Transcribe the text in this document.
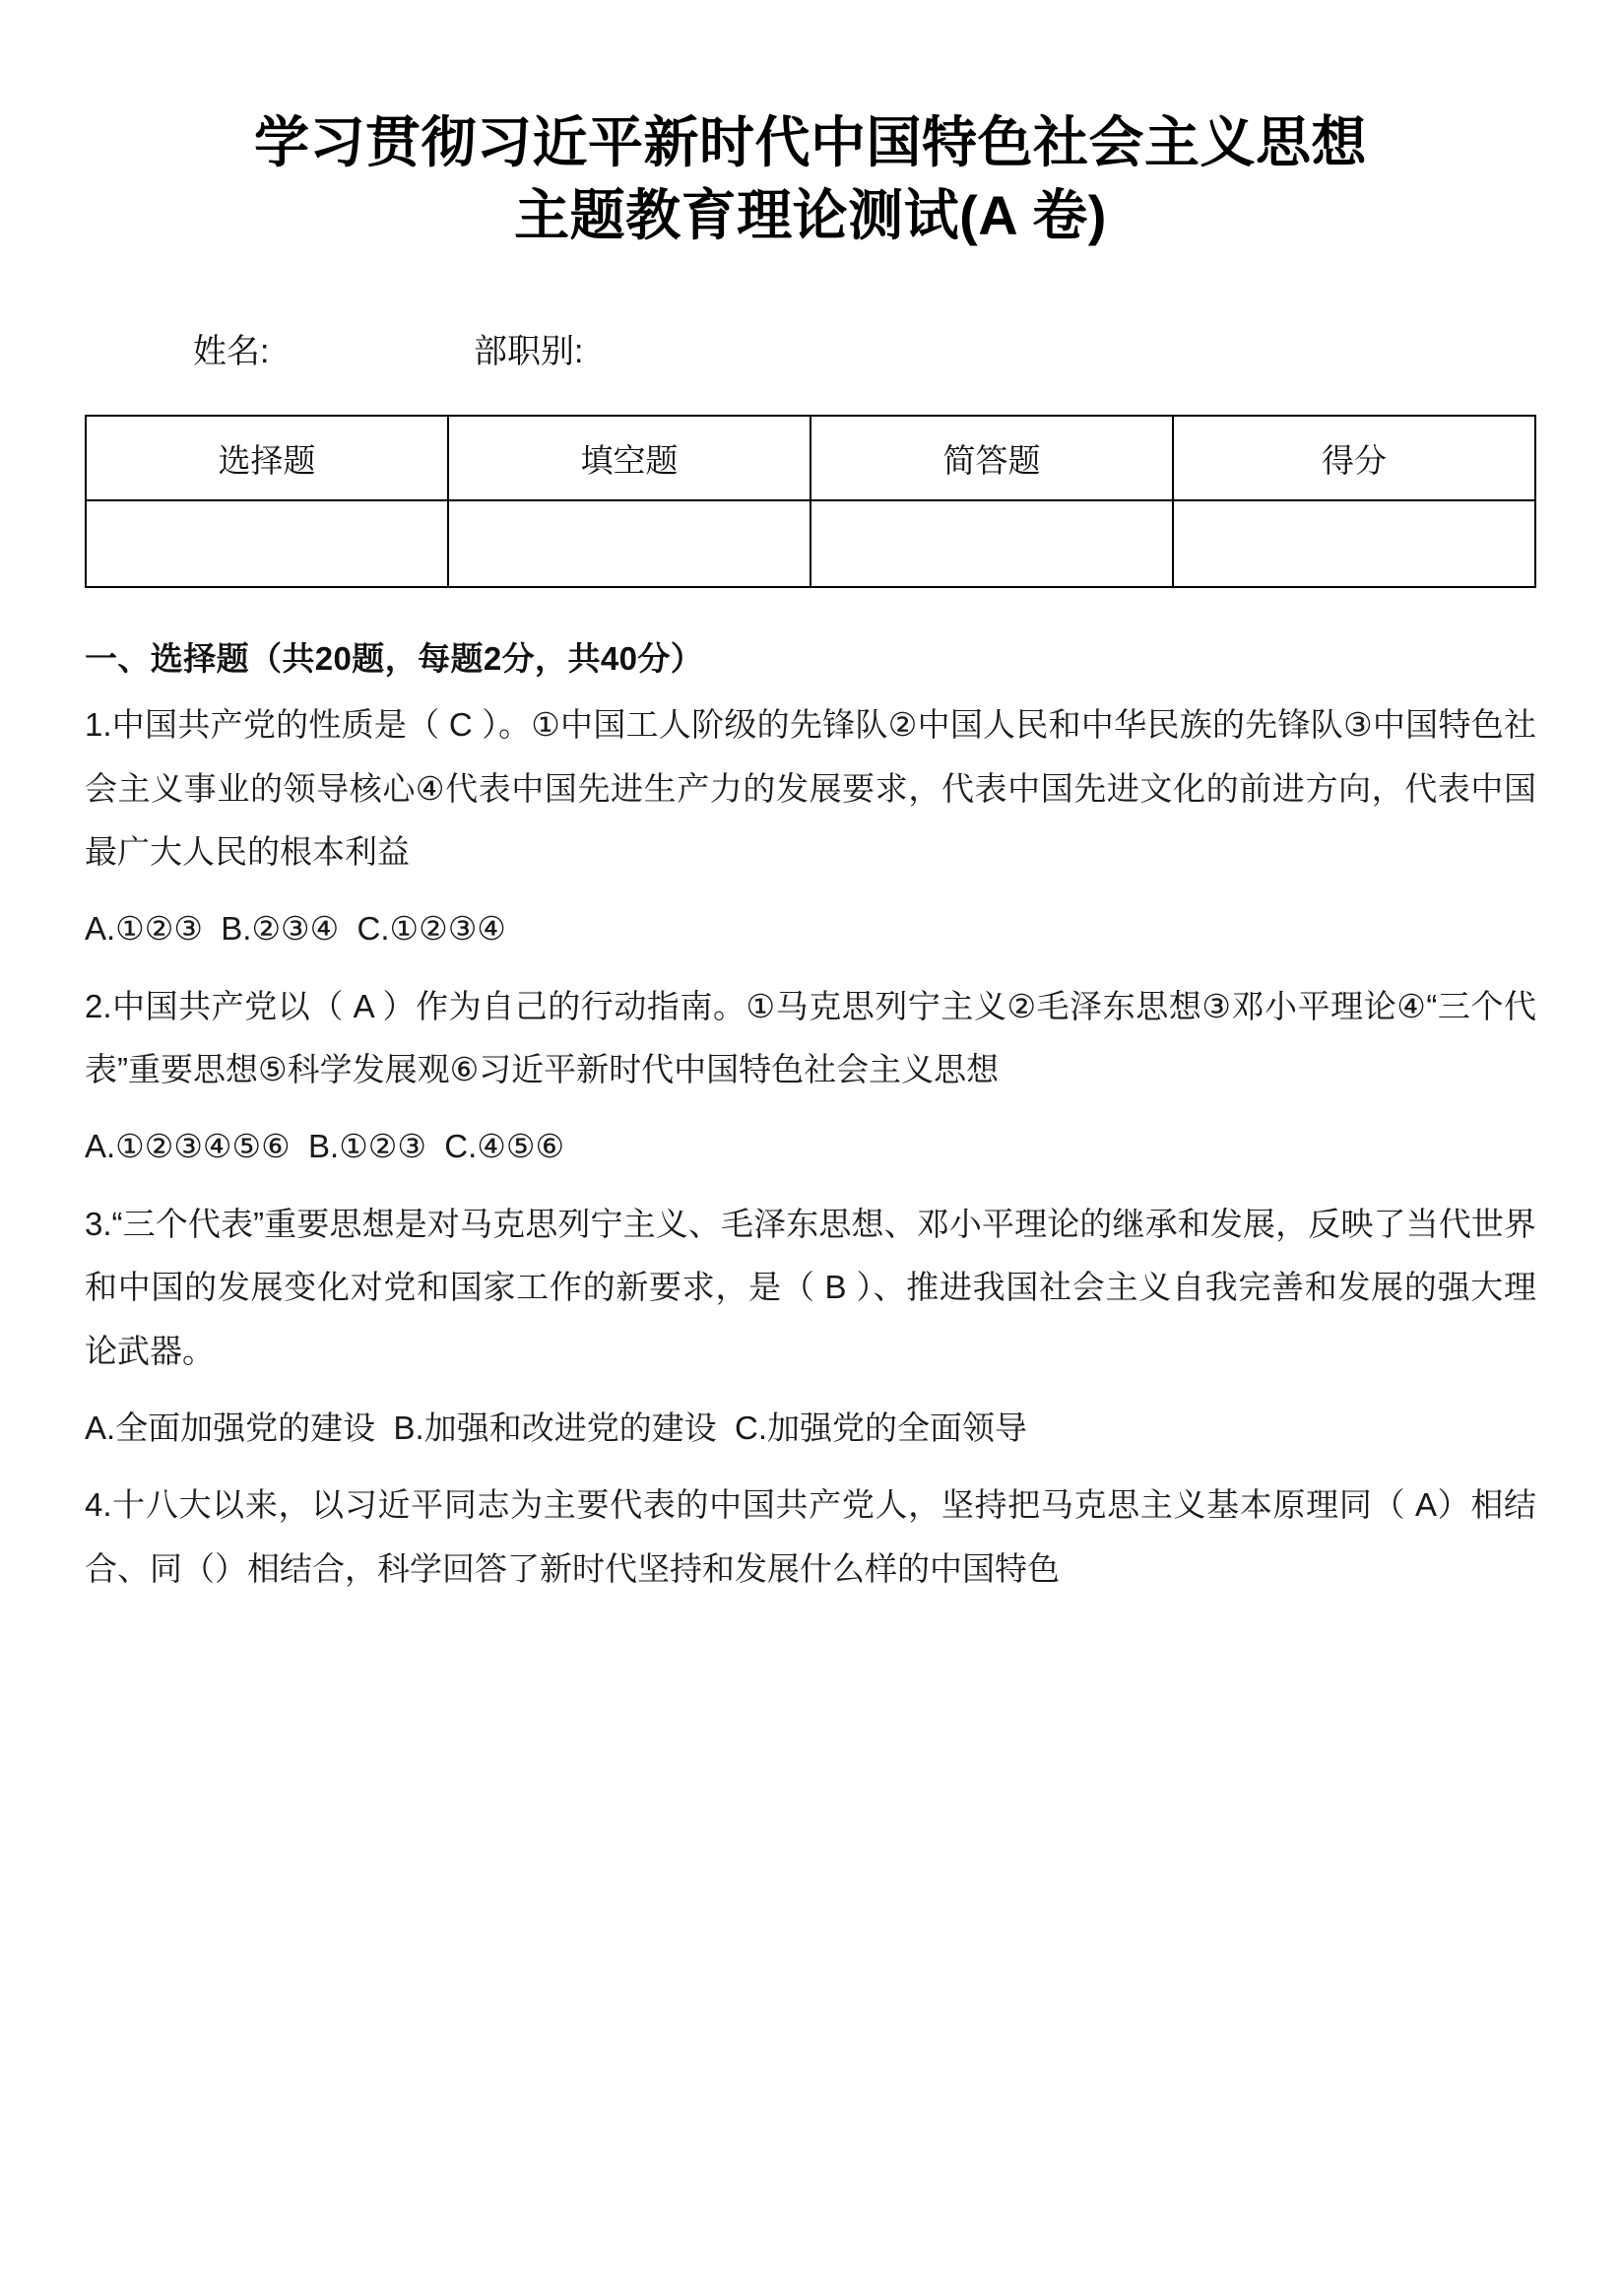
学习贯彻习近平新时代中国特色社会主义思想
主题教育理论测试(A 卷)
姓名:	部职别:
选择题	填空题	简答题	得分

一、选择题（共20题，每题2分，共40分）

1.中国共产党的性质是（ C ）。①中国工人阶级的先锋队②中国人民和中华民族的先锋队③中国特色社会主义事业的领导核心④代表中国先进生产力的发展要求，代表中国先进文化的前进方向，代表中国最广大人民的根本利益

A.①②③  B.②③④  C.①②③④

2.中国共产党以（ A ）作为自己的行动指南。①马克思列宁主义②毛泽东思想③邓小平理论④“三个代表”重要思想⑤科学发展观⑥习近平新时代中国特色社会主义思想

A.①②③④⑤⑥  B.①②③  C.④⑤⑥

3.“三个代表”重要思想是对马克思列宁主义、毛泽东思想、邓小平理论的继承和发展，反映了当代世界和中国的发展变化对党和国家工作的新要求，是（ B ）、推进我国社会主义自我完善和发展的强大理论武器。

A.全面加强党的建设  B.加强和改进党的建设  C.加强党的全面领导

4.十八大以来，以习近平同志为主要代表的中国共产党人，坚持把马克思主义基本原理同（ A）相结合、同（）相结合，科学回答了新时代坚持和发展什么样的中国特色
